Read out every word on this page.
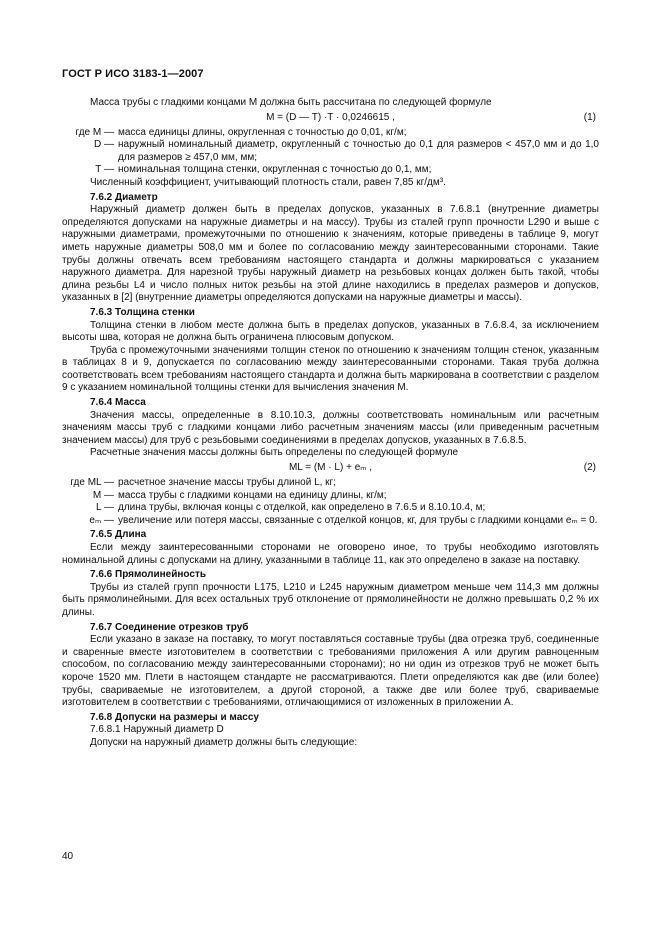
ГОСТ Р ИСО 3183-1—2007

Масса трубы с гладкими концами M должна быть рассчитана по следующей формуле

M = (D — T) ·T · 0,0246615 ,	(1)
где M — масса единицы длины, округленная с точностью до 0,01, кг/м;
D — наружный номинальный диаметр, округленный с точностью до 0,1 для размеров < 457,0 мм и до 1,0 для размеров ≥ 457,0 мм, мм;
T — номинальная толщина стенки, округленная с точностью до 0,1, мм;

Численный коэффициент, учитывающий плотность стали, равен 7,85 кг/дм³.

7.6.2 Диаметр

Наружный диаметр должен быть в пределах допусков, указанных в 7.6.8.1 (внутренние диаметры определяются допусками на наружные диаметры и на массу). Трубы из сталей групп прочности L290 и выше с наружными диаметрами, промежуточными по отношению к значениям, которые приведены в таблице 9, могут иметь наружные диаметры 508,0 мм и более по согласованию между заинтересованными сторонами. Такие трубы должны отвечать всем требованиям настоящего стандарта и должны маркироваться с указанием наружного диаметра. Для нарезной трубы наружный диаметр на резьбовых концах должен быть такой, чтобы длина резьбы L4 и число полных ниток резьбы на этой длине находились в пределах размеров и допусков, указанных в [2] (внутренние диаметры определяются допусками на наружные диаметры и массы).

7.6.3 Толщина стенки

Толщина стенки в любом месте должна быть в пределах допусков, указанных в 7.6.8.4, за исключением высоты шва, которая не должна быть ограничена плюсовым допуском.

Труба с промежуточными значениями толщин стенок по отношению к значениям толщин стенок, указанным в таблицах 8 и 9, допускается по согласованию между заинтересованными сторонами. Такая труба должна соответствовать всем требованиям настоящего стандарта и должна быть маркирована в соответствии с разделом 9 с указанием номинальной толщины стенки для вычисления значения M.

7.6.4 Масса

Значения массы, определенные в 8.10.10.3, должны соответствовать номинальным или расчетным значениям массы труб с гладкими концами либо расчетным значениям массы (или приведенным расчетным значением массы) для труб с резьбовыми соединениями в пределах допусков, указанных в 7.6.8.5.

Расчетные значения массы должны быть определены по следующей формуле

ML = (M · L) + eₘ ,	(2)
где ML — расчетное значение массы трубы длиной L, кг;
M — масса трубы с гладкими концами на единицу длины, кг/м;
L — длина трубы, включая концы с отделкой, как определено в 7.6.5 и 8.10.10.4, м;
eₘ — увеличение или потеря массы, связанные с отделкой концов, кг, для трубы с гладкими концами eₘ = 0.

7.6.5 Длина

Если между заинтересованными сторонами не оговорено иное, то трубы необходимо изготовлять номинальной длины с допусками на длину, указанными в таблице 11, как это определено в заказе на поставку.

7.6.6 Прямолинейность

Трубы из сталей групп прочности L175, L210 и L245 наружным диаметром меньше чем 114,3 мм должны быть прямолинейными. Для всех остальных труб отклонение от прямолинейности не должно превышать 0,2 % их длины.

7.6.7 Соединение отрезков труб

Если указано в заказе на поставку, то могут поставляться составные трубы (два отрезка труб, соединенные и сваренные вместе изготовителем в соответствии с требованиями приложения А или другим равноценным способом, по согласованию между заинтересованными сторонами); но ни один из отрезков труб не может быть короче 1520 мм. Плети в настоящем стандарте не рассматриваются. Плети определяются как две (или более) трубы, свариваемые не изготовителем, а другой стороной, а также две или более труб, свариваемые изготовителем в соответствии с требованиями, отличающимися от изложенных в приложении А.

7.6.8 Допуски на размеры и массу

7.6.8.1 Наружный диаметр D

Допуски на наружный диаметр должны быть следующие:

40
